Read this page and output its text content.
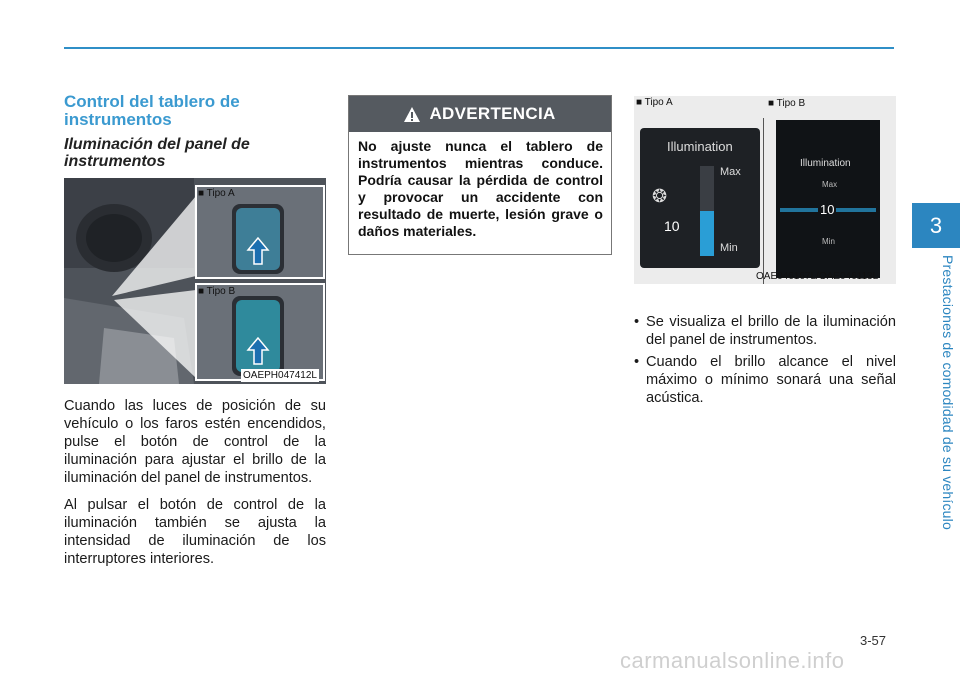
3
Prestaciones de comodidad de su vehículo
Control del tablero de instrumentos
Iluminación del panel de instrumentos
■ Tipo A
■ Tipo B
OAEPH047412L
Cuando las luces de posición de su vehículo o los faros estén encendidos, pulse el botón de control de la iluminación para ajustar el brillo de la iluminación del panel de instrumentos.
Al pulsar el botón de control de la iluminación también se ajusta la intensidad de iluminación de los interruptores interiores.
ADVERTENCIA
No ajuste nunca el tablero de instrumentos mientras conduce. Podría causar la pérdida de control y provocar un accidente con resultado de muerte, lesión grave o daños materiales.
■ Tipo A	■ Tipo B
Illumination
Max
Min
❂
10
Illumination
Max
10
Min
OAE046167L/OAE046113L
• Se visualiza el brillo de la iluminación del panel de instrumentos.
• Cuando el brillo alcance el nivel máximo o mínimo sonará una señal acústica.
3-57
carmanualsonline.info
